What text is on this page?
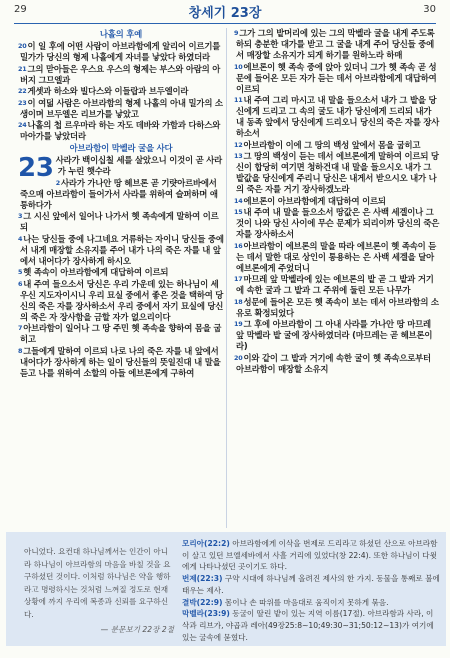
29	창세기 23장	30
나홀의 후예
20이 일 후에 어떤 사람이 아브라함에게 알리어 이르기를 밀가가 당신의 형제 나홀에게 자녀를 낳았다 하였더라
21그의 맏아들은 우스요 우스의 형제는 부스와 아람의 아버지 그므엘과
22게셋과 하소와 빌다스와 이들랍과 브두엘이라
23이 여덟 사람은 아브라함의 형제 나홀의 아내 밀가의 소생이며 브두엘은 리브가를 낳았고
24나홀의 첩 르우마라 하는 자도 데바와 가함과 다하스와 마아가를 낳았더라
아브라함이 막벨라 굴을 사다
23 사라가 백이십칠 세를 살았으니 이것이 곧 사라가 누린 햇수라
2사라가 가나안 땅 헤브론 곧 기럇아르바에서 죽으매 아브라함이 들어가서 사라를 위하여 슬퍼하며 애통하다가
3그 시신 앞에서 일어나 나가서 헷 족속에게 말하여 이르되
4나는 당신들 중에 나그네요 거류하는 자이니 당신들 중에서 내게 매장할 소유지를 주어 내가 나의 죽은 자를 내 앞에서 내어다가 장사하게 하시오
5헷 족속이 아브라함에게 대답하여 이르되
6내 주여 들으소서 당신은 우리 가운데 있는 하나님이 세우신 지도자이시니 우리 묘실 중에서 좋은 것을 택하여 당신의 죽은 자를 장사하소서 우리 중에서 자기 묘실에 당신의 죽은 자 장사함을 금할 자가 없으리이다
7아브라함이 일어나 그 땅 주민 헷 족속을 향하여 몸을 굽히고
8그들에게 말하여 이르되 나로 나의 죽은 자를 내 앞에서 내어다가 장사하게 하는 일이 당신들의 뜻일진대 내 말을 듣고 나를 위하여 소할의 아들 에브론에게 구하여
9그가 그의 밭머리에 있는 그의 막벨라 굴을 내게 주도록 하되 충분한 대가를 받고 그 굴을 내게 주어 당신들 중에서 매장할 소유지가 되게 하기를 원하노라 하매
10에브론이 헷 족속 중에 앉아 있더니 그가 헷 족속 곧 성문에 들어온 모든 자가 듣는 데서 아브라함에게 대답하여 이르되
11내 주여 그리 마시고 내 말을 들으소서 내가 그 밭을 당신에게 드리고 그 속의 굴도 내가 당신에게 드리되 내가 내 동족 앞에서 당신에게 드리오니 당신의 죽은 자를 장사하소서
12아브라함이 이에 그 땅의 백성 앞에서 몸을 굽히고
13그 땅의 백성이 듣는 데서 에브론에게 말하여 이르되 당신이 합당히 여기면 청하건대 내 말을 들으시오 내가 그 밭값을 당신에게 주리니 당신은 내게서 받으시오 내가 나의 죽은 자를 거기 장사하겠노라
14에브론이 아브라함에게 대답하여 이르되
15내 주여 내 말을 들으소서 땅값은 은 사백 세겔이나 그것이 나와 당신 사이에 무슨 문제가 되리이까 당신의 죽은 자를 장사하소서
16아브라함이 에브론의 말을 따라 에브론이 헷 족속이 듣는 데서 말한 대로 상인이 통용하는 은 사백 세겔을 달아 에브론에게 주었더니
17마므레 앞 막벨라에 있는 에브론의 밭 곧 그 밭과 거기에 속한 굴과 그 밭과 그 주위에 둘린 모든 나무가
18성문에 들어온 모든 헷 족속이 보는 데서 아브라함의 소유로 확정되었다
19그 후에 아브라함이 그 아내 사라를 가나안 땅 마므레 앞 막벨라 밭 굴에 장사하였더라 (마므레는 곧 헤브론이라)
20이와 같이 그 밭과 거기에 속한 굴이 헷 족속으로부터 아브라함이 매장할 소유지
아니었다. 요컨대 하나님께서는 인간이 아니라 하나님이 아브라함의 마음을 바칠 것을 요구하셨던 것이다. 이처럼 하나님은 약을 행하라고 명령하시는 것처럼 느껴질 정도로 현재 상황에 까지 우리에 복종과 신뢰를 요구하신다.
— 분문보기 22장 2절
모리아(22:2) 아브라함에게 이삭을 번제로 드리라고 하셨던 산으로 아브라함이 살고 있던 브엘세바에서 사흘 거리에 있었다(창 22:4). 또한 하나님이 다윗에게 나타나셨던 곳이기도 하다.
번제(22:3) 구약 시대에 하나님께 올려진 제사의 한 가지. 동물을 통째로 불에 태우는 제사.
결박(22:9) 몸이나 손 따위를 마음대로 움직이지 못하게 묶음.
막벨라(23:9) 동굴이 딸린 밭이 있는 지역 이름(17절). 아브라함과 사라, 이삭과 리브가, 야곱과 레아(49장25:8~10;49:30~31;50:12~13)가 여기에 있는 굴속에 묻혔다.
